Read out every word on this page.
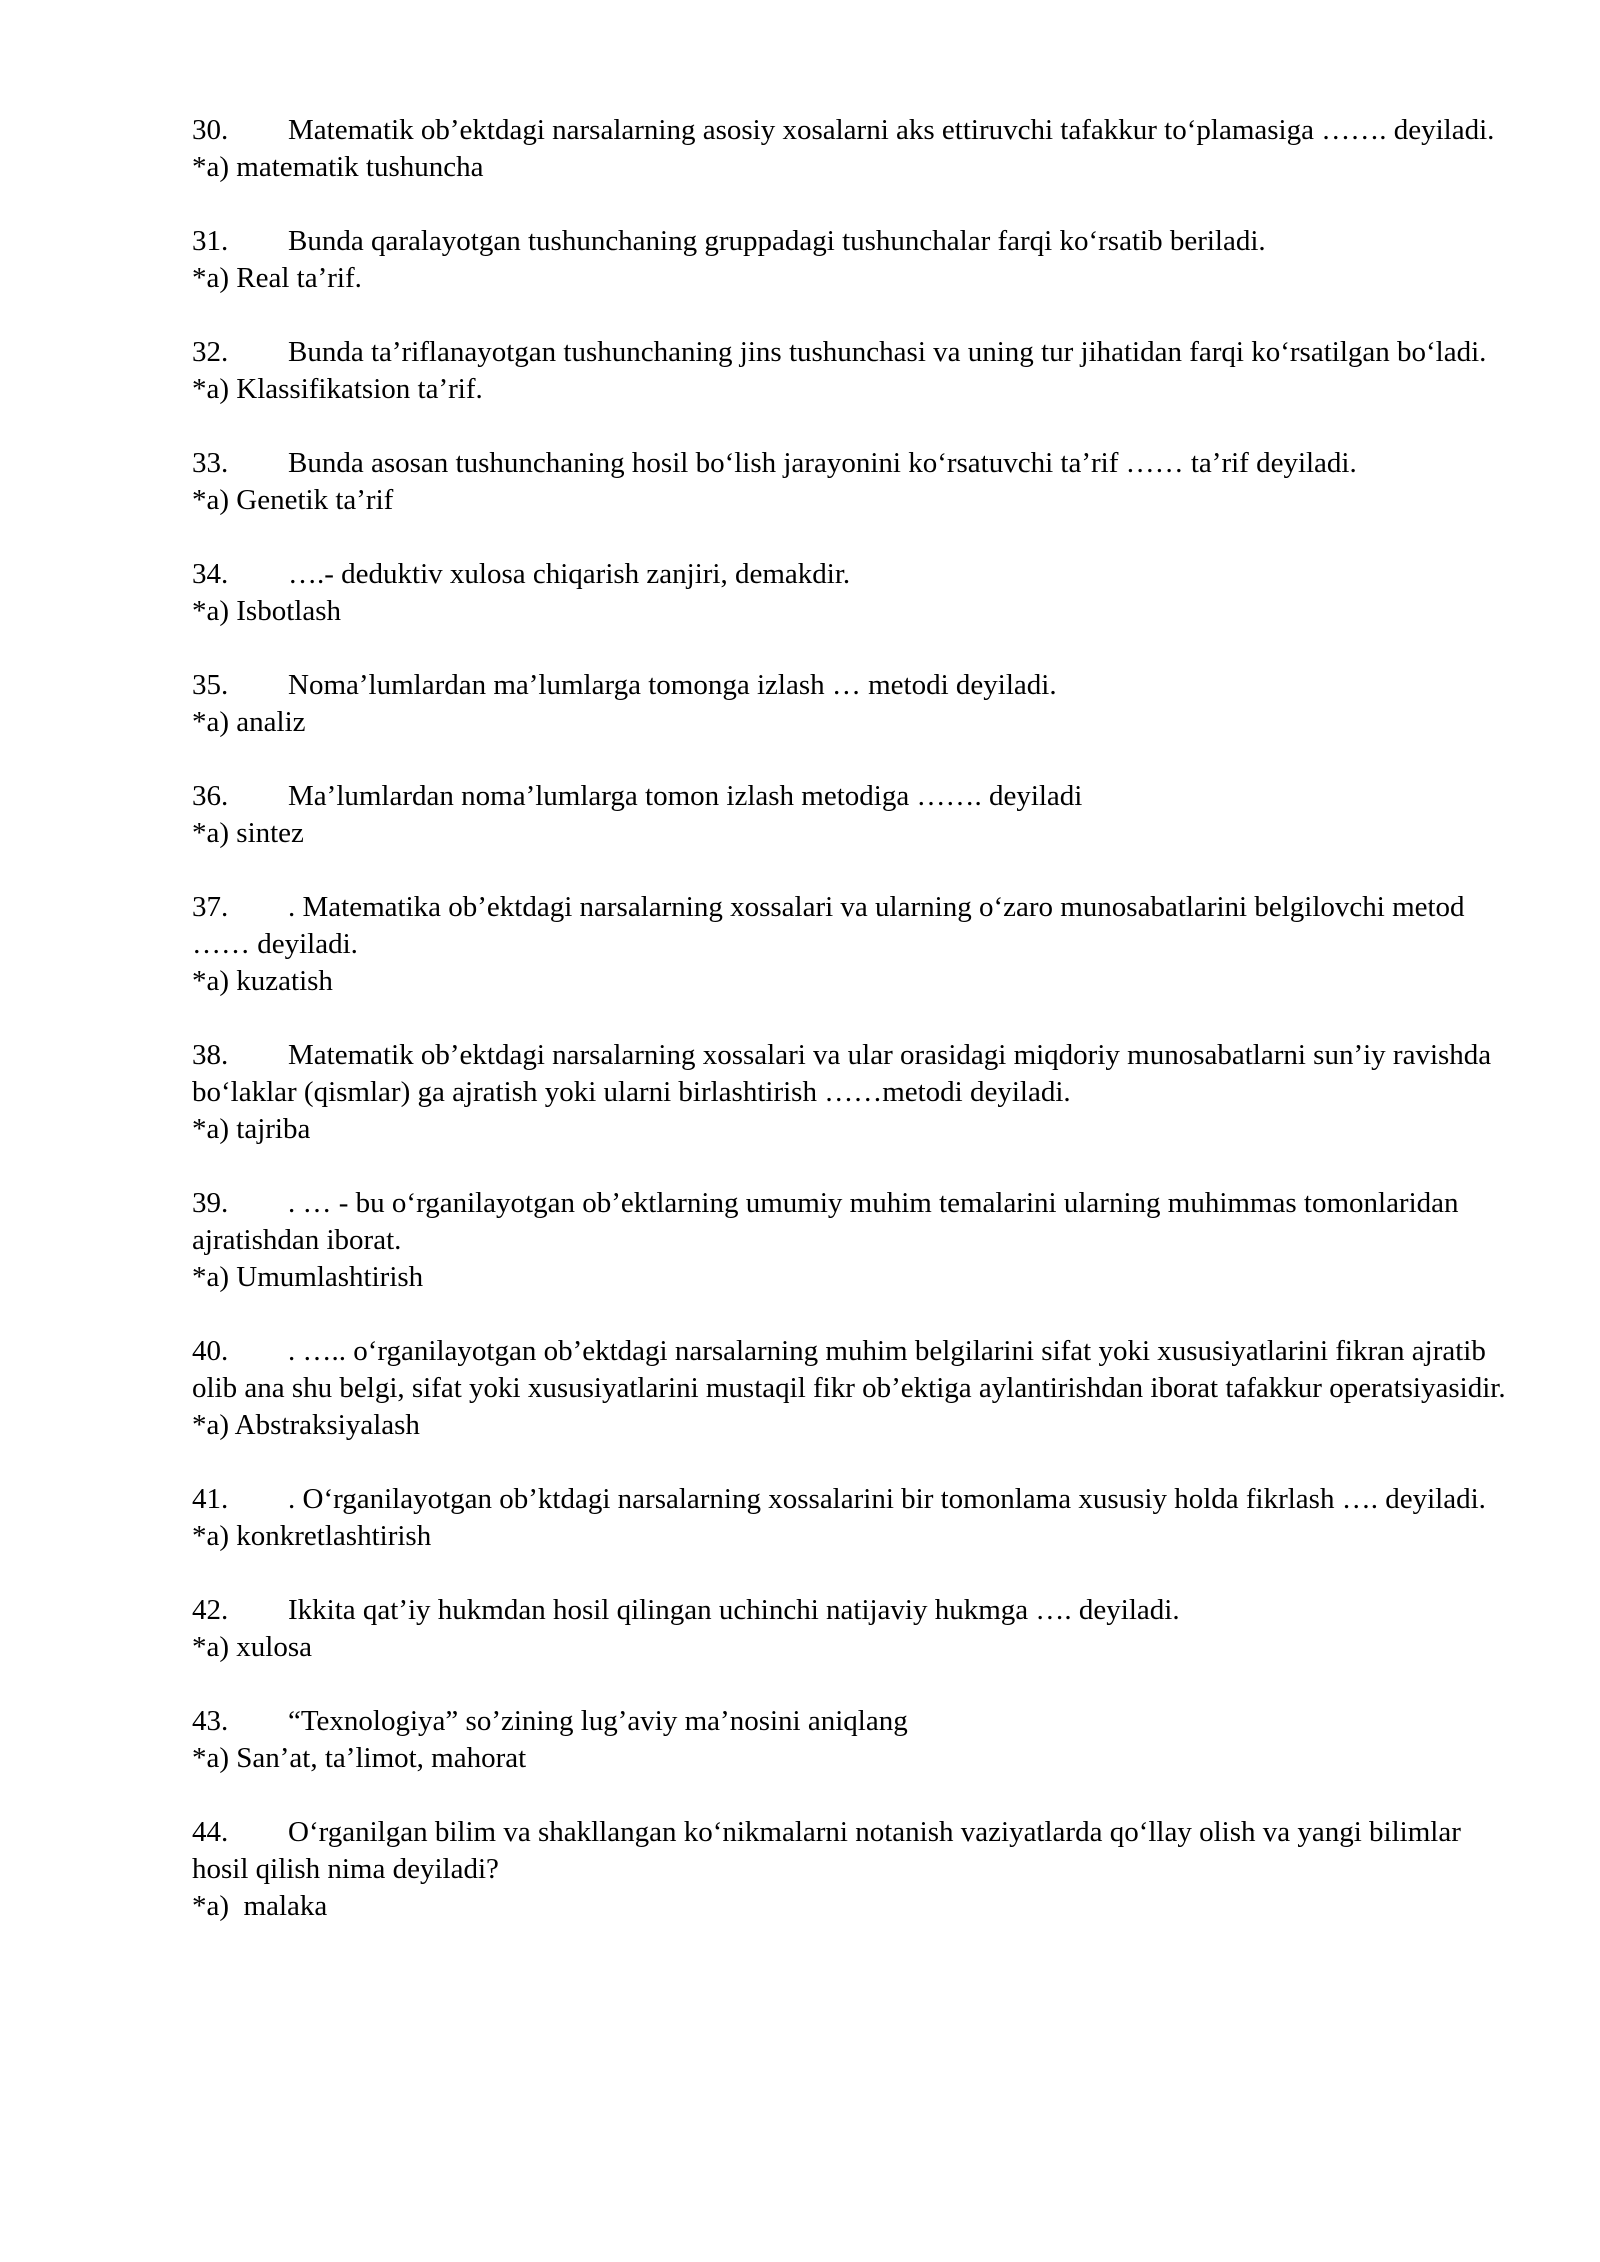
30. Matematik ob’ektdagi narsalarning asosiy xosalarni aks ettiruvchi tafakkur to‘plamasiga ……. deyiladi.

*a) matematik tushuncha

31. Bunda qaralayotgan tushunchaning gruppadagi tushunchalar farqi ko‘rsatib beriladi.

*a) Real ta’rif.

32. Bunda ta’riflanayotgan tushunchaning jins tushunchasi va uning tur jihatidan farqi ko‘rsatilgan bo‘ladi.

*a) Klassifikatsion ta’rif.

33. Bunda asosan tushunchaning hosil bo‘lish jarayonini ko‘rsatuvchi ta’rif …… ta’rif deyiladi.

*a) Genetik ta’rif

34. ….- deduktiv xulosa chiqarish zanjiri, demakdir.

*a) Isbotlash

35. Noma’lumlardan ma’lumlarga tomonga izlash … metodi deyiladi.

*a) analiz

36. Ma’lumlardan noma’lumlarga tomon izlash metodiga ……. deyiladi

*a) sintez

37. . Matematika ob’ektdagi narsalarning xossalari va ularning o‘zaro munosabatlarini belgilovchi metod …… deyiladi.

*a) kuzatish

38. Matematik ob’ektdagi narsalarning xossalari va ular orasidagi miqdoriy munosabatlarni sun’iy ravishda bo‘laklar (qismlar) ga ajratish yoki ularni birlashtirish ……metodi deyiladi.

*a) tajriba

39. . … - bu o‘rganilayotgan ob’ektlarning umumiy muhim temalarini ularning muhimmas tomonlaridan ajratishdan iborat.

*a) Umumlashtirish

40. . ….. o‘rganilayotgan ob’ektdagi narsalarning muhim belgilarini sifat yoki xususiyatlarini fikran ajratib olib ana shu belgi, sifat yoki xususiyatlarini mustaqil fikr ob’ektiga aylantirishdan iborat tafakkur operatsiyasidir.

*a) Abstraksiyalash

41. . O‘rganilayotgan ob’ktdagi narsalarning xossalarini bir tomonlama xususiy holda fikrlash …. deyiladi.

*a) konkretlashtirish

42. Ikkita qat’iy hukmdan hosil qilingan uchinchi natijaviy hukmga …. deyiladi.

*a) xulosa

43. “Texnologiya” so’zining lug’aviy ma’nosini aniqlang

*a) San’at, ta’limot, mahorat

44. O‘rganilgan bilim va shakllangan ko‘nikmalarni notanish vaziyatlarda qo‘llay olish va yangi bilimlar hosil qilish nima deyiladi?

*a)  malaka
